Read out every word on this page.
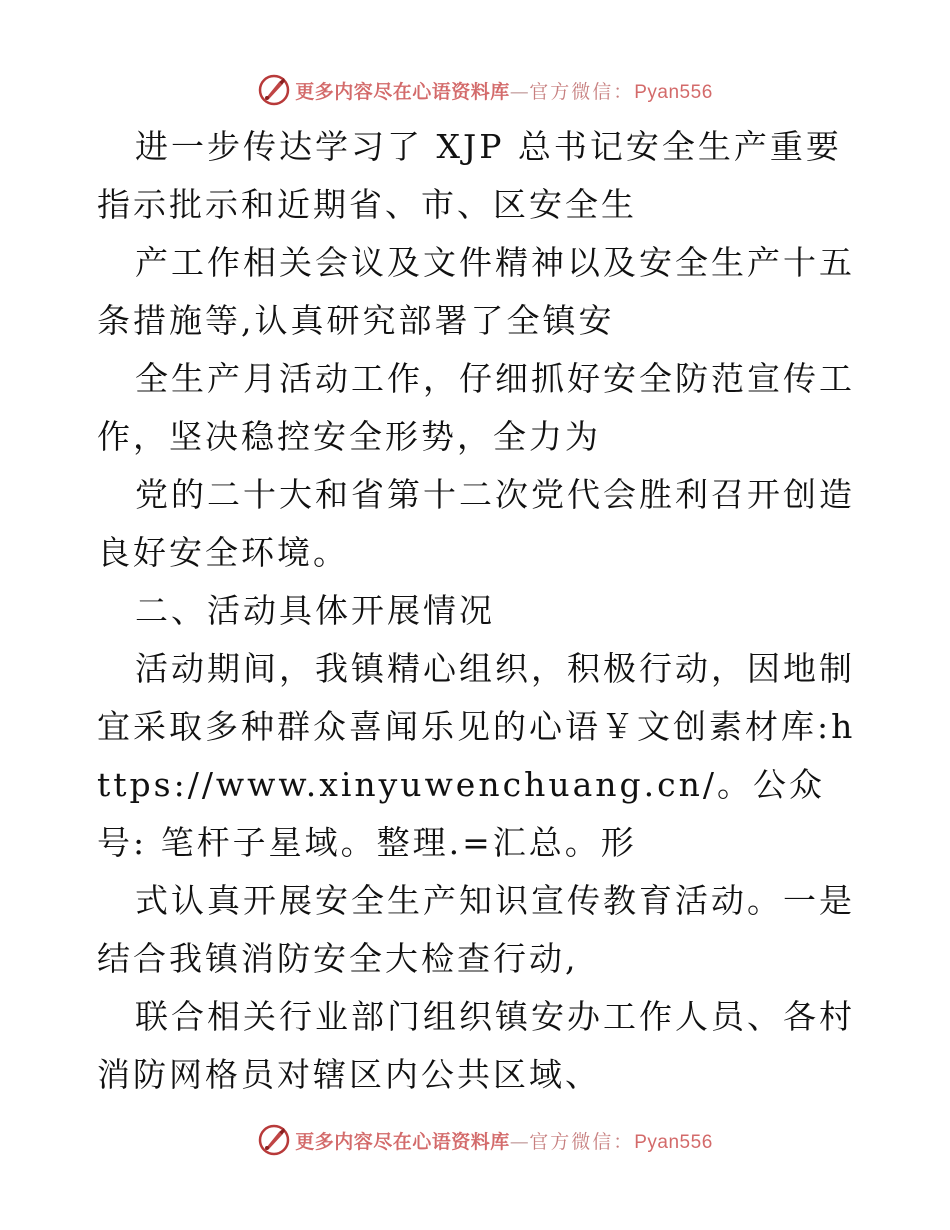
更多内容尽在心语资料库—官方微信：Pyan556

进一步传达学习了 XJP 总书记安全生产重要指示批示和近期省、市、区安全生

产工作相关会议及文件精神以及安全生产十五条措施等,认真研究部署了全镇安

全生产月活动工作，仔细抓好安全防范宣传工作，坚决稳控安全形势，全力为

党的二十大和省第十二次党代会胜利召开创造良好安全环境。

二、活动具体开展情况

活动期间，我镇精心组织，积极行动，因地制宜采取多种群众喜闻乐见的心语￥文创素材库:https://www.xinyuwenchuang.cn/。公众号: 笔杆子星域。整理.=汇总。形

式认真开展安全生产知识宣传教育活动。一是结合我镇消防安全大检查行动,

联合相关行业部门组织镇安办工作人员、各村消防网格员对辖区内公共区域、

更多内容尽在心语资料库—官方微信：Pyan556
